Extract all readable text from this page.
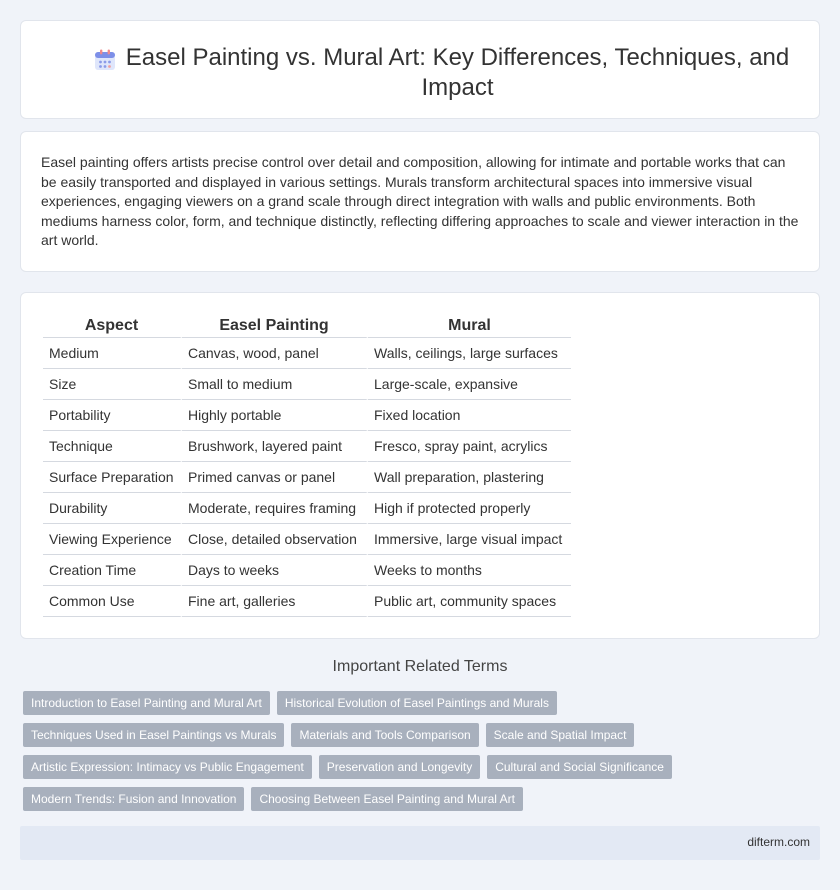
Easel Painting vs. Mural Art: Key Differences, Techniques, and Impact

Easel painting offers artists precise control over detail and composition, allowing for intimate and portable works that can be easily transported and displayed in various settings. Murals transform architectural spaces into immersive visual experiences, engaging viewers on a grand scale through direct integration with walls and public environments. Both mediums harness color, form, and technique distinctly, reflecting differing approaches to scale and viewer interaction in the art world.

Aspect	Easel Painting	Mural
Medium	Canvas, wood, panel	Walls, ceilings, large surfaces
Size	Small to medium	Large-scale, expansive
Portability	Highly portable	Fixed location
Technique	Brushwork, layered paint	Fresco, spray paint, acrylics
Surface Preparation	Primed canvas or panel	Wall preparation, plastering
Durability	Moderate, requires framing	High if protected properly
Viewing Experience	Close, detailed observation	Immersive, large visual impact
Creation Time	Days to weeks	Weeks to months
Common Use	Fine art, galleries	Public art, community spaces
Important Related Terms
Introduction to Easel Painting and Mural Art	Historical Evolution of Easel Paintings and Murals
Techniques Used in Easel Paintings vs Murals	Materials and Tools Comparison	Scale and Spatial Impact
Artistic Expression: Intimacy vs Public Engagement	Preservation and Longevity	Cultural and Social Significance
Modern Trends: Fusion and Innovation	Choosing Between Easel Painting and Mural Art
difterm.com
